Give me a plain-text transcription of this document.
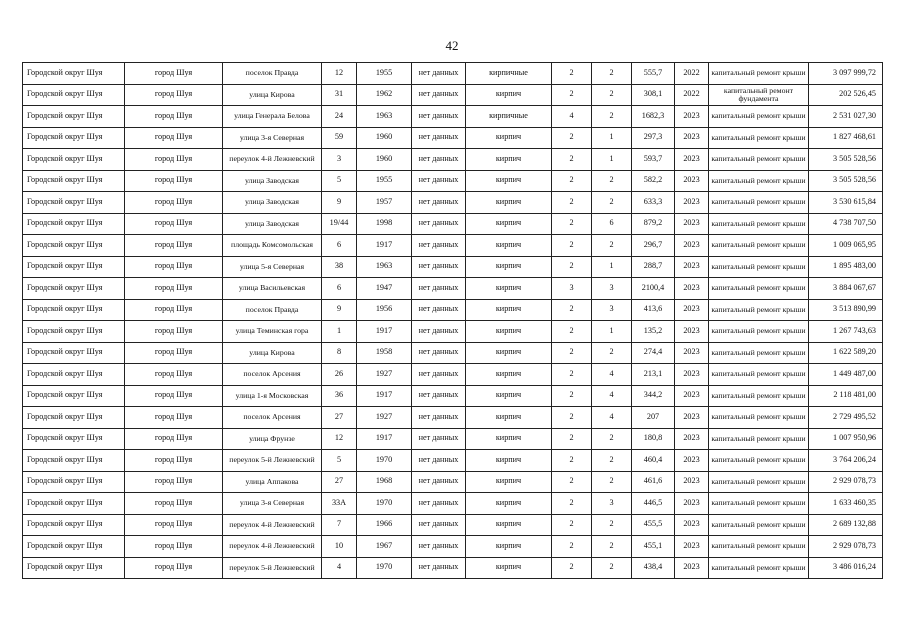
42
Городской округ Шуя	город Шуя	поселок Правда	12	1955	нет данных	кирпичные	2	2	555,7	2022	капитальный ремонт крыши	3 097 999,72
Городской округ Шуя	город Шуя	улица Кирова	31	1962	нет данных	кирпич	2	2	308,1	2022	капитальный ремонт фундамента	202 526,45
Городской округ Шуя	город Шуя	улица Генерала Белова	24	1963	нет данных	кирпичные	4	2	1682,3	2023	капитальный ремонт крыши	2 531 027,30
Городской округ Шуя	город Шуя	улица 3-я Северная	59	1960	нет данных	кирпич	2	1	297,3	2023	капитальный ремонт крыши	1 827 468,61
Городской округ Шуя	город Шуя	переулок 4-й Лежневский	3	1960	нет данных	кирпич	2	1	593,7	2023	капитальный ремонт крыши	3 505 528,56
Городской округ Шуя	город Шуя	улица Заводская	5	1955	нет данных	кирпич	2	2	582,2	2023	капитальный ремонт крыши	3 505 528,56
Городской округ Шуя	город Шуя	улица Заводская	9	1957	нет данных	кирпич	2	2	633,3	2023	капитальный ремонт крыши	3 530 615,84
Городской округ Шуя	город Шуя	улица Заводская	19/44	1998	нет данных	кирпич	2	6	879,2	2023	капитальный ремонт крыши	4 738 707,50
Городской округ Шуя	город Шуя	площадь Комсомольская	6	1917	нет данных	кирпич	2	2	296,7	2023	капитальный ремонт крыши	1 009 065,95
Городской округ Шуя	город Шуя	улица 5-я Северная	38	1963	нет данных	кирпич	2	1	288,7	2023	капитальный ремонт крыши	1 895 483,00
Городской округ Шуя	город Шуя	улица Васильевская	6	1947	нет данных	кирпич	3	3	2100,4	2023	капитальный ремонт крыши	3 884 067,67
Городской округ Шуя	город Шуя	поселок Правда	9	1956	нет данных	кирпич	2	3	413,6	2023	капитальный ремонт крыши	3 513 890,99
Городской округ Шуя	город Шуя	улица Теминская гора	1	1917	нет данных	кирпич	2	1	135,2	2023	капитальный ремонт крыши	1 267 743,63
Городской округ Шуя	город Шуя	улица Кирова	8	1958	нет данных	кирпич	2	2	274,4	2023	капитальный ремонт крыши	1 622 589,20
Городской округ Шуя	город Шуя	поселок Арсения	26	1927	нет данных	кирпич	2	4	213,1	2023	капитальный ремонт крыши	1 449 487,00
Городской округ Шуя	город Шуя	улица 1-я Московская	36	1917	нет данных	кирпич	2	4	344,2	2023	капитальный ремонт крыши	2 118 481,00
Городской округ Шуя	город Шуя	поселок Арсения	27	1927	нет данных	кирпич	2	4	207	2023	капитальный ремонт крыши	2 729 495,52
Городской округ Шуя	город Шуя	улица Фрунзе	12	1917	нет данных	кирпич	2	2	180,8	2023	капитальный ремонт крыши	1 007 950,96
Городской округ Шуя	город Шуя	переулок 5-й Лежневский	5	1970	нет данных	кирпич	2	2	460,4	2023	капитальный ремонт крыши	3 764 206,24
Городской округ Шуя	город Шуя	улица Аппакова	27	1968	нет данных	кирпич	2	2	461,6	2023	капитальный ремонт крыши	2 929 078,73
Городской округ Шуя	город Шуя	улица 3-я Северная	33А	1970	нет данных	кирпич	2	3	446,5	2023	капитальный ремонт крыши	1 633 460,35
Городской округ Шуя	город Шуя	переулок 4-й Лежневский	7	1966	нет данных	кирпич	2	2	455,5	2023	капитальный ремонт крыши	2 689 132,88
Городской округ Шуя	город Шуя	переулок 4-й Лежневский	10	1967	нет данных	кирпич	2	2	455,1	2023	капитальный ремонт крыши	2 929 078,73
Городской округ Шуя	город Шуя	переулок 5-й Лежневский	4	1970	нет данных	кирпич	2	2	438,4	2023	капитальный ремонт крыши	3 486 016,24
